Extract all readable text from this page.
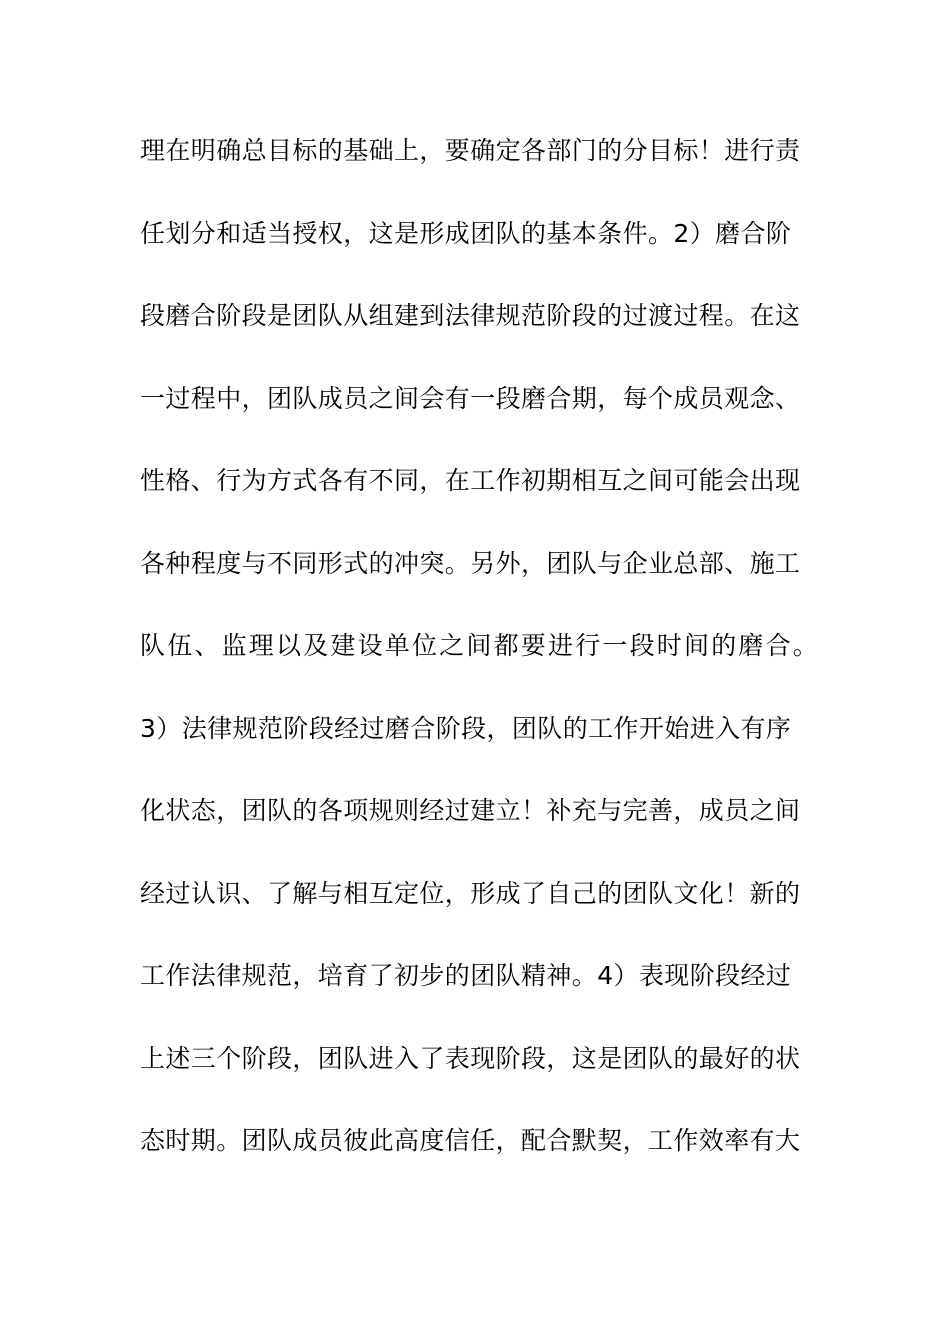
理在明确总目标的基础上，要确定各部门的分目标！进行责
任划分和适当授权，这是形成团队的基本条件。2）磨合阶
段磨合阶段是团队从组建到法律规范阶段的过渡过程。在这
一过程中，团队成员之间会有一段磨合期，每个成员观念、
性格、行为方式各有不同，在工作初期相互之间可能会出现
各种程度与不同形式的冲突。另外，团队与企业总部、施工
队伍、监理以及建设单位之间都要进行一段时间的磨合。
3）法律规范阶段经过磨合阶段，团队的工作开始进入有序
化状态，团队的各项规则经过建立！补充与完善，成员之间
经过认识、了解与相互定位，形成了自己的团队文化！新的
工作法律规范，培育了初步的团队精神。4）表现阶段经过
上述三个阶段，团队进入了表现阶段，这是团队的最好的状
态时期。团队成员彼此高度信任，配合默契，工作效率有大
